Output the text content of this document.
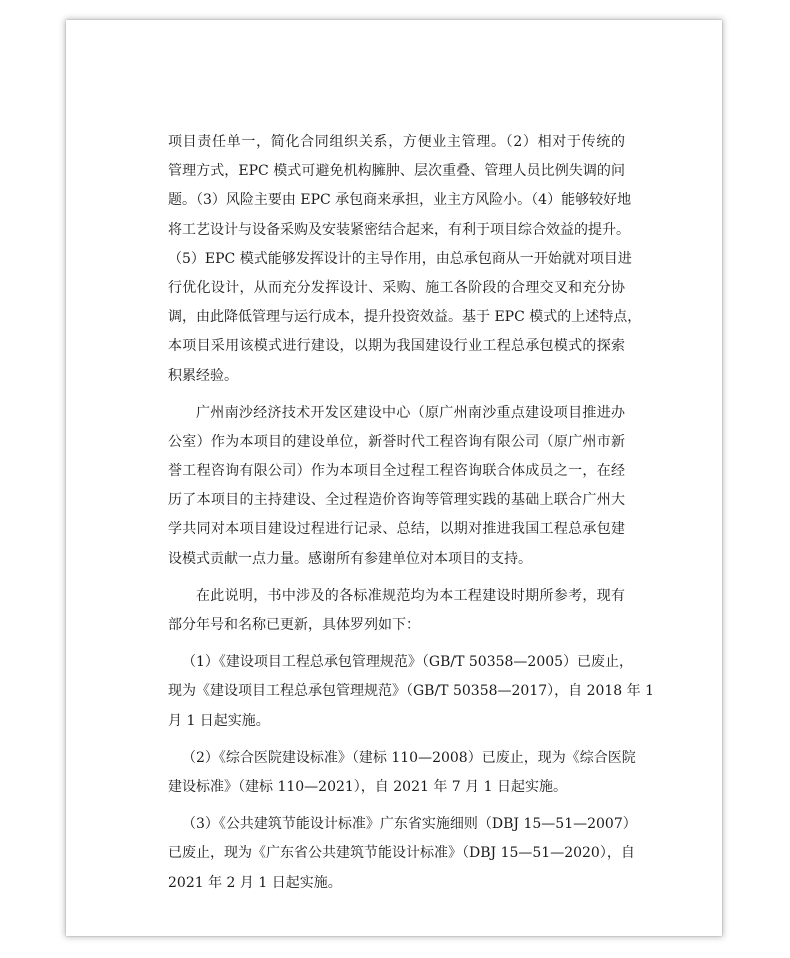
项目责任单一，简化合同组织关系，方便业主管理。（2）相对于传统的
管理方式，EPC 模式可避免机构臃肿、层次重叠、管理人员比例失调的问
题。（3）风险主要由 EPC 承包商来承担，业主方风险小。（4）能够较好地
将工艺设计与设备采购及安装紧密结合起来，有利于项目综合效益的提升。
（5）EPC 模式能够发挥设计的主导作用，由总承包商从一开始就对项目进
行优化设计，从而充分发挥设计、采购、施工各阶段的合理交叉和充分协
调，由此降低管理与运行成本，提升投资效益。基于 EPC 模式的上述特点，
本项目采用该模式进行建设，以期为我国建设行业工程总承包模式的探索
积累经验。
广州南沙经济技术开发区建设中心（原广州南沙重点建设项目推进办
公室）作为本项目的建设单位，新誉时代工程咨询有限公司（原广州市新
誉工程咨询有限公司）作为本项目全过程工程咨询联合体成员之一，在经
历了本项目的主持建设、全过程造价咨询等管理实践的基础上联合广州大
学共同对本项目建设过程进行记录、总结，以期对推进我国工程总承包建
设模式贡献一点力量。感谢所有参建单位对本项目的支持。
在此说明，书中涉及的各标准规范均为本工程建设时期所参考，现有
部分年号和名称已更新，具体罗列如下：
（1）《建设项目工程总承包管理规范》（GB/T 50358—2005）已废止，
现为《建设项目工程总承包管理规范》（GB/T 50358—2017），自 2018 年 1
月 1 日起实施。
（2）《综合医院建设标准》（建标 110—2008）已废止，现为《综合医院
建设标准》（建标 110—2021），自 2021 年 7 月 1 日起实施。
（3）《公共建筑节能设计标准》广东省实施细则（DBJ 15—51—2007）
已废止，现为《广东省公共建筑节能设计标准》（DBJ 15—51—2020），自
2021 年 2 月 1 日起实施。
